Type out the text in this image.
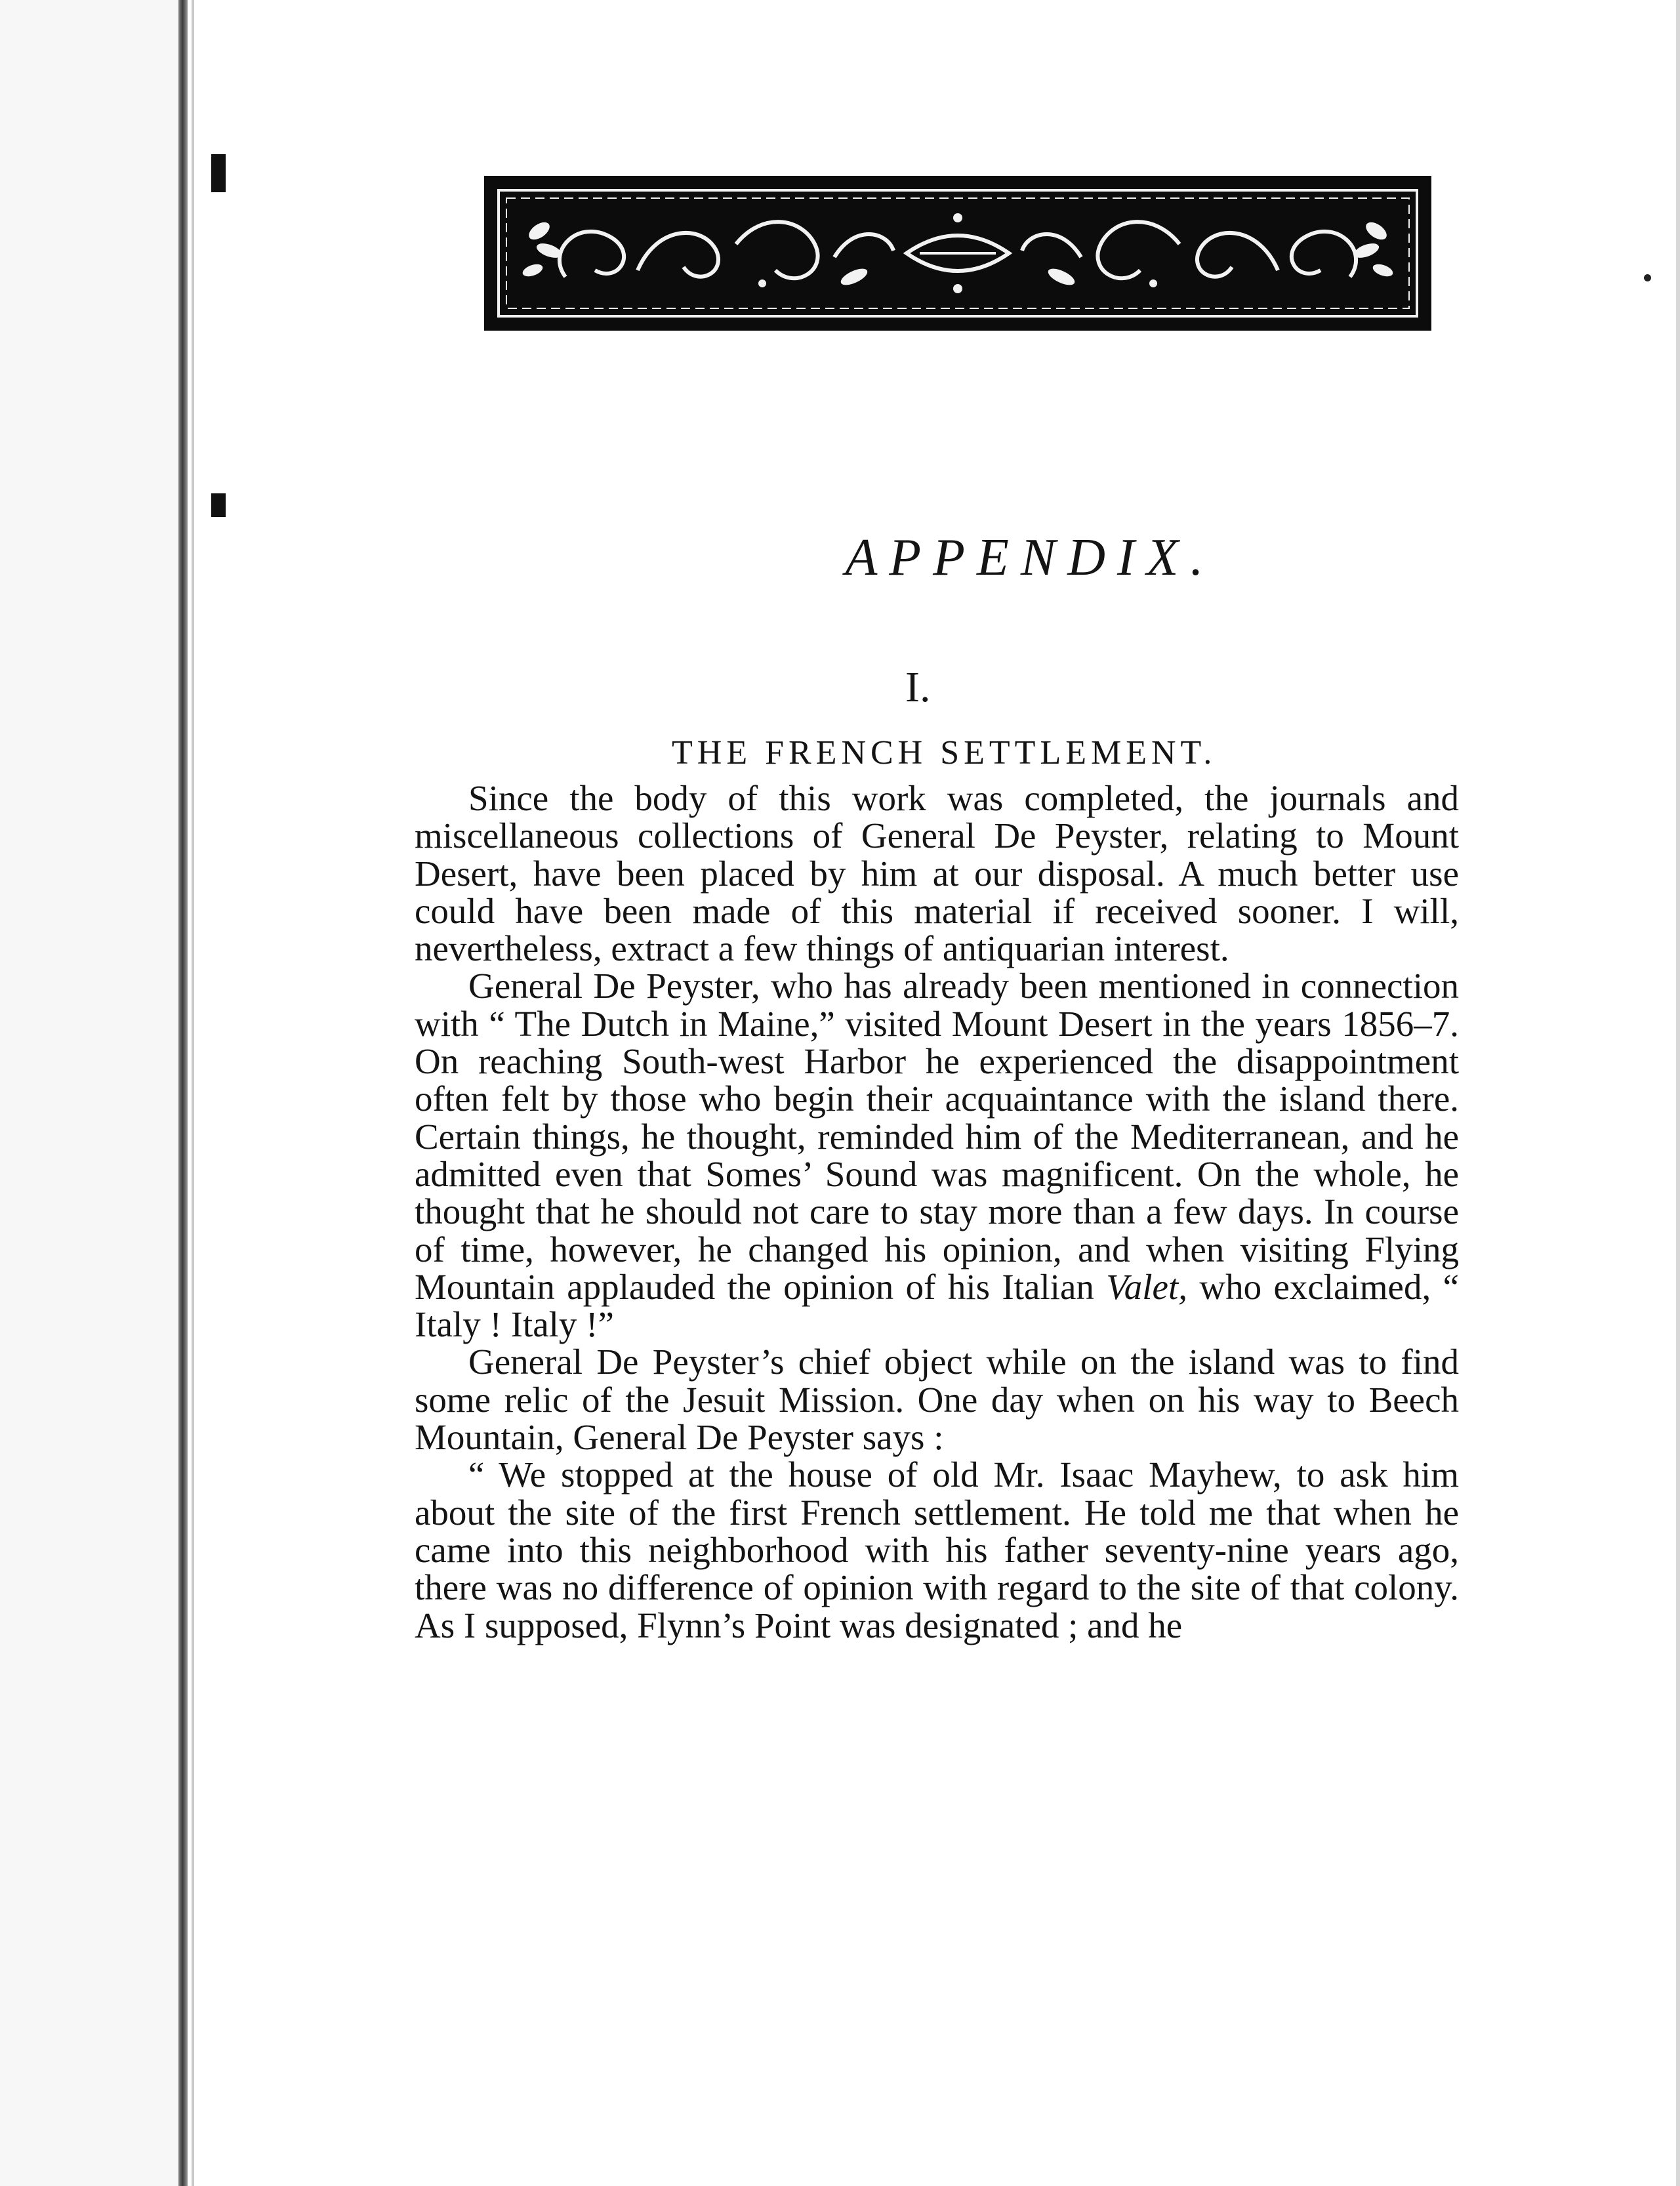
APPENDIX.
I.
THE FRENCH SETTLEMENT.

Since the body of this work was completed, the journals and miscellaneous collections of General De Peyster, relating to Mount Desert, have been placed by him at our disposal. A much better use could have been made of this material if received sooner. I will, nevertheless, extract a few things of antiquarian interest.

General De Peyster, who has already been mentioned in connection with “ The Dutch in Maine,” visited Mount Desert in the years 1856–7. On reaching South-west Harbor he experienced the disappointment often felt by those who begin their acquaintance with the island there. Certain things, he thought, reminded him of the Mediterranean, and he admitted even that Somes’ Sound was magnificent. On the whole, he thought that he should not care to stay more than a few days. In course of time, however, he changed his opinion, and when visiting Flying Mountain applauded the opinion of his Italian Valet, who exclaimed, “ Italy ! Italy !”

General De Peyster’s chief object while on the island was to find some relic of the Jesuit Mission. One day when on his way to Beech Mountain, General De Peyster says :

“ We stopped at the house of old Mr. Isaac Mayhew, to ask him about the site of the first French settlement. He told me that when he came into this neighborhood with his father seventy-nine years ago, there was no difference of opinion with regard to the site of that colony. As I supposed, Flynn’s Point was designated ; and he
